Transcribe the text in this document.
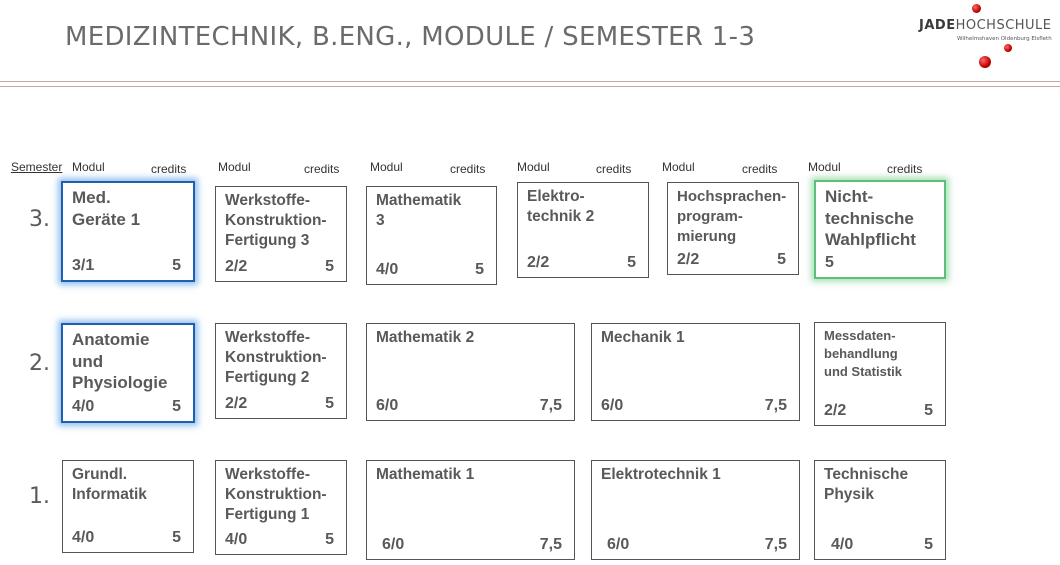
MEDIZINTECHNIK, B.ENG., MODULE / SEMESTER 1-3	JADEHOCHSCHULE
Wilhelmshaven Oldenburg Elsfleth
Semester Modul	credits	Modul	credits	Modul	credits	Modul	credits	Modul	credits	Modul	credits
3.
2.
1.
Med.
Geräte 1
3/1	5
Werkstoffe-
Konstruktion-
Fertigung 3
2/2	5
Mathematik
3
4/0	5
Elektro-
technik 2
2/2	5
Hochsprachen-
program-
mierung
2/2	5
Nicht-
technische
Wahlpflicht
5
Anatomie
und
Physiologie
4/0	5
Werkstoffe-
Konstruktion-
Fertigung 2
2/2	5
Mathematik 2
6/0	7,5
Mechanik 1
6/0	7,5
Messdaten-
behandlung
und Statistik
2/2	5
Grundl.
Informatik
4/0	5
Werkstoffe-
Konstruktion-
Fertigung 1
4/0	5
Mathematik 1
6/0	7,5
Elektrotechnik 1
6/0	7,5
Technische
Physik
4/0	5
